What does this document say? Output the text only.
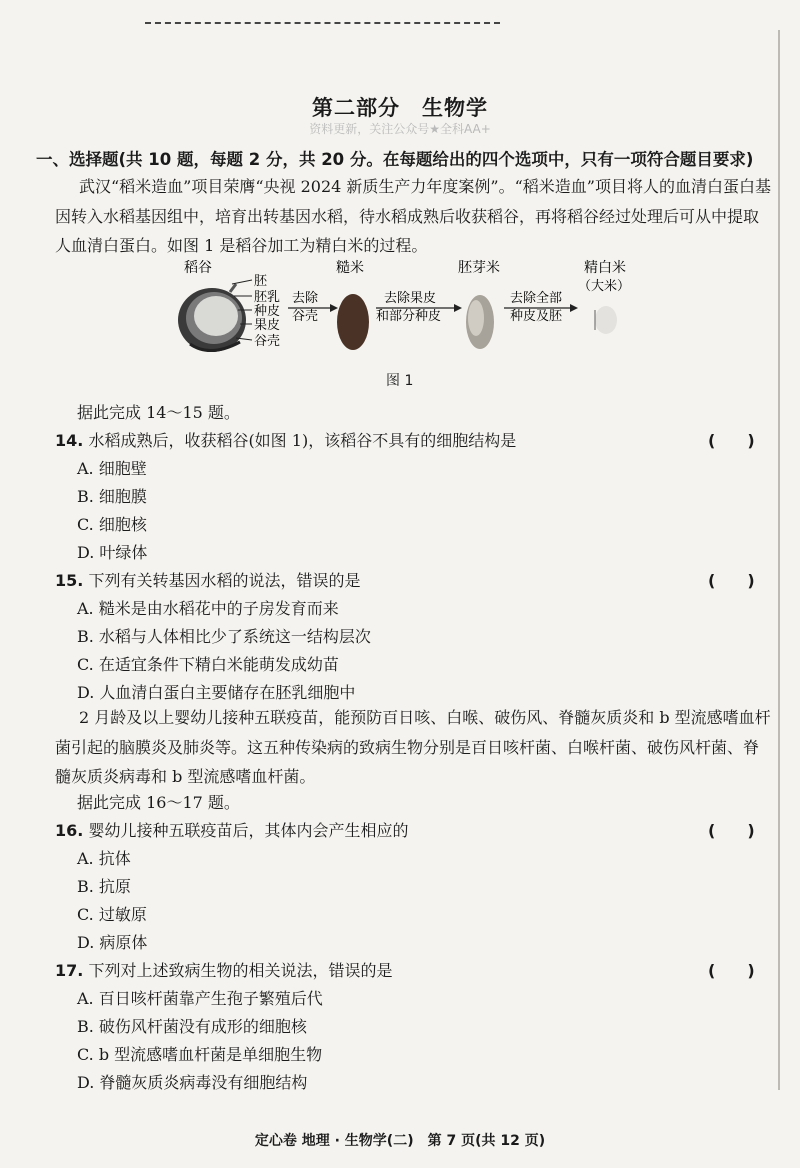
第二部分　生物学
资料更新，关注公众号★全科AA+
一、选择题(共 10 题，每题 2 分，共 20 分。在每题给出的四个选项中，只有一项符合题目要求)
武汉“稻米造血”项目荣膺“央视 2024 新质生产力年度案例”。“稻米造血”项目将人的血清白蛋白基因转入水稻基因组中，培育出转基因水稻，待水稻成熟后收获稻谷，再将稻谷经过处理后可从中提取人血清白蛋白。如图 1 是稻谷加工为精白米的过程。
稻谷
胚
胚乳
种皮
果皮
谷壳
去除
谷壳
糙米
去除果皮
和部分种皮
胚芽米
去除全部
种皮及胚
精白米
（大米）
图 1
据此完成 14～15 题。
14. 水稻成熟后，收获稻谷(如图 1)，该稻谷不具有的细胞结构是	(　　)
A. 细胞壁
B. 细胞膜
C. 细胞核
D. 叶绿体
15. 下列有关转基因水稻的说法，错误的是	(　　)
A. 糙米是由水稻花中的子房发育而来
B. 水稻与人体相比少了系统这一结构层次
C. 在适宜条件下精白米能萌发成幼苗
D. 人血清白蛋白主要储存在胚乳细胞中
2 月龄及以上婴幼儿接种五联疫苗，能预防百日咳、白喉、破伤风、脊髓灰质炎和 b 型流感嗜血杆菌引起的脑膜炎及肺炎等。这五种传染病的致病生物分别是百日咳杆菌、白喉杆菌、破伤风杆菌、脊髓灰质炎病毒和 b 型流感嗜血杆菌。
据此完成 16～17 题。
16. 婴幼儿接种五联疫苗后，其体内会产生相应的	(　　)
A. 抗体
B. 抗原
C. 过敏原
D. 病原体
17. 下列对上述致病生物的相关说法，错误的是	(　　)
A. 百日咳杆菌靠产生孢子繁殖后代
B. 破伤风杆菌没有成形的细胞核
C. b 型流感嗜血杆菌是单细胞生物
D. 脊髓灰质炎病毒没有细胞结构
定心卷 地理 · 生物学(二)　第 7 页(共 12 页)
